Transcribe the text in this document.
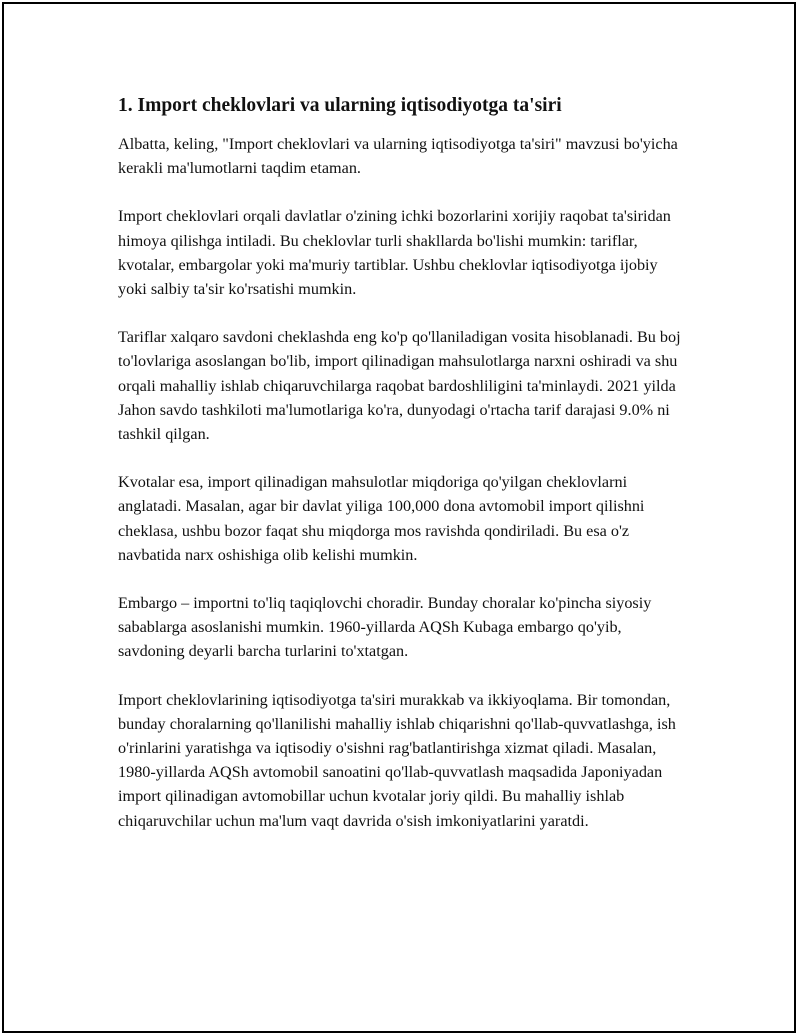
1. Import cheklovlari va ularning iqtisodiyotga ta'siri

Albatta, keling, "Import cheklovlari va ularning iqtisodiyotga ta'siri" mavzusi bo'yicha kerakli ma'lumotlarni taqdim etaman.

Import cheklovlari orqali davlatlar o'zining ichki bozorlarini xorijiy raqobat ta'siridan himoya qilishga intiladi. Bu cheklovlar turli shakllarda bo'lishi mumkin: tariflar, kvotalar, embargolar yoki ma'muriy tartiblar. Ushbu cheklovlar iqtisodiyotga ijobiy yoki salbiy ta'sir ko'rsatishi mumkin.

Tariflar xalqaro savdoni cheklashda eng ko'p qo'llaniladigan vosita hisoblanadi. Bu boj to'lovlariga asoslangan bo'lib, import qilinadigan mahsulotlarga narxni oshiradi va shu orqali mahalliy ishlab chiqaruvchilarga raqobat bardoshliligini ta'minlaydi. 2021 yilda Jahon savdo tashkiloti ma'lumotlariga ko'ra, dunyodagi o'rtacha tarif darajasi 9.0% ni tashkil qilgan.

Kvotalar esa, import qilinadigan mahsulotlar miqdoriga qo'yilgan cheklovlarni anglatadi. Masalan, agar bir davlat yiliga 100,000 dona avtomobil import qilishni cheklasa, ushbu bozor faqat shu miqdorga mos ravishda qondiriladi. Bu esa o'z navbatida narx oshishiga olib kelishi mumkin.

Embargo – importni to'liq taqiqlovchi choradir. Bunday choralar ko'pincha siyosiy sabablarga asoslanishi mumkin. 1960-yillarda AQSh Kubaga embargo qo'yib, savdoning deyarli barcha turlarini to'xtatgan.

Import cheklovlarining iqtisodiyotga ta'siri murakkab va ikkiyoqlama. Bir tomondan, bunday choralarning qo'llanilishi mahalliy ishlab chiqarishni qo'llab-quvvatlashga, ish o'rinlarini yaratishga va iqtisodiy o'sishni rag'batlantirishga xizmat qiladi. Masalan, 1980-yillarda AQSh avtomobil sanoatini qo'llab-quvvatlash maqsadida Japoniyadan import qilinadigan avtomobillar uchun kvotalar joriy qildi. Bu mahalliy ishlab chiqaruvchilar uchun ma'lum vaqt davrida o'sish imkoniyatlarini yaratdi.
